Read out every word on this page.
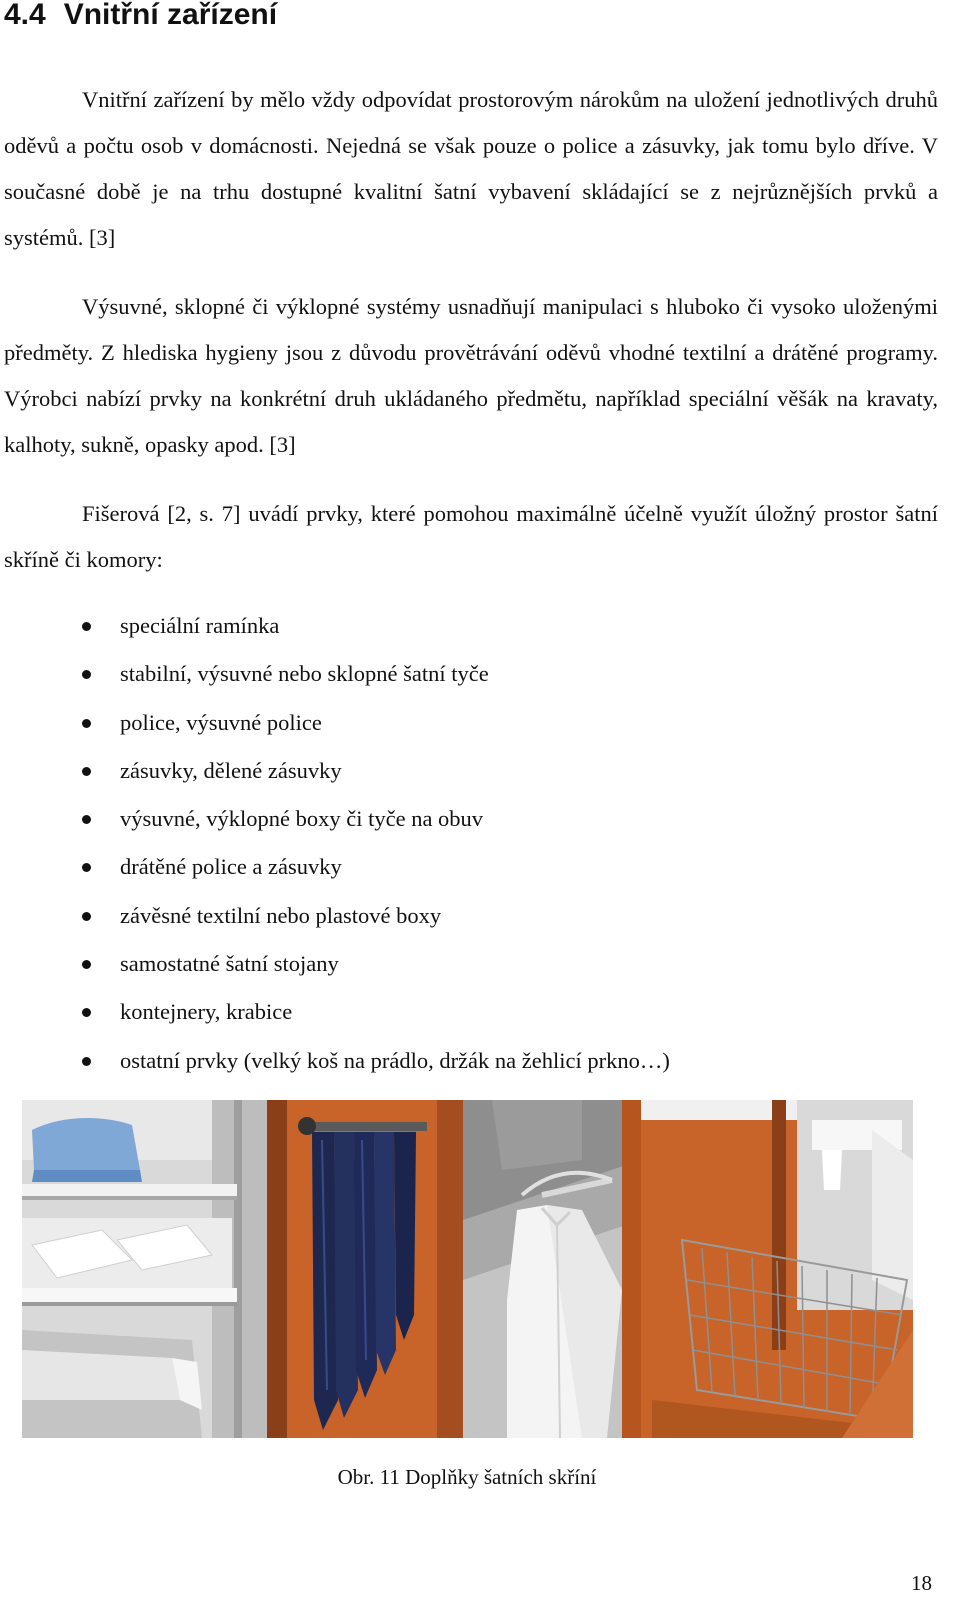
4.4 Vnitřní zařízení

Vnitřní zařízení by mělo vždy odpovídat prostorovým nárokům na uložení jednotlivých druhů oděvů a počtu osob v domácnosti. Nejedná se však pouze o police a zásuvky, jak tomu bylo dříve. V současné době je na trhu dostupné kvalitní šatní vybavení skládající se z nejrůznějších prvků a systémů. [3]

Výsuvné, sklopné či výklopné systémy usnadňují manipulaci s hluboko či vysoko uloženými předměty. Z hlediska hygieny jsou z důvodu provětrávání oděvů vhodné textilní a drátěné programy. Výrobci nabízí prvky na konkrétní druh ukládaného předmětu, například speciální věšák na kravaty, kalhoty, sukně, opasky apod. [3]

Fišerová [2, s. 7] uvádí prvky, které pomohou maximálně účelně využít úložný prostor šatní skříně či komory:

speciální ramínka
stabilní, výsuvné nebo sklopné šatní tyče
police, výsuvné police
zásuvky, dělené zásuvky
výsuvné, výklopné boxy či tyče na obuv
drátěné police a zásuvky
závěsné textilní nebo plastové boxy
samostatné šatní stojany
kontejnery, krabice
ostatní prvky (velký koš na prádlo, držák na žehlicí prkno…)

Obr. 11 Doplňky šatních skříní

18
